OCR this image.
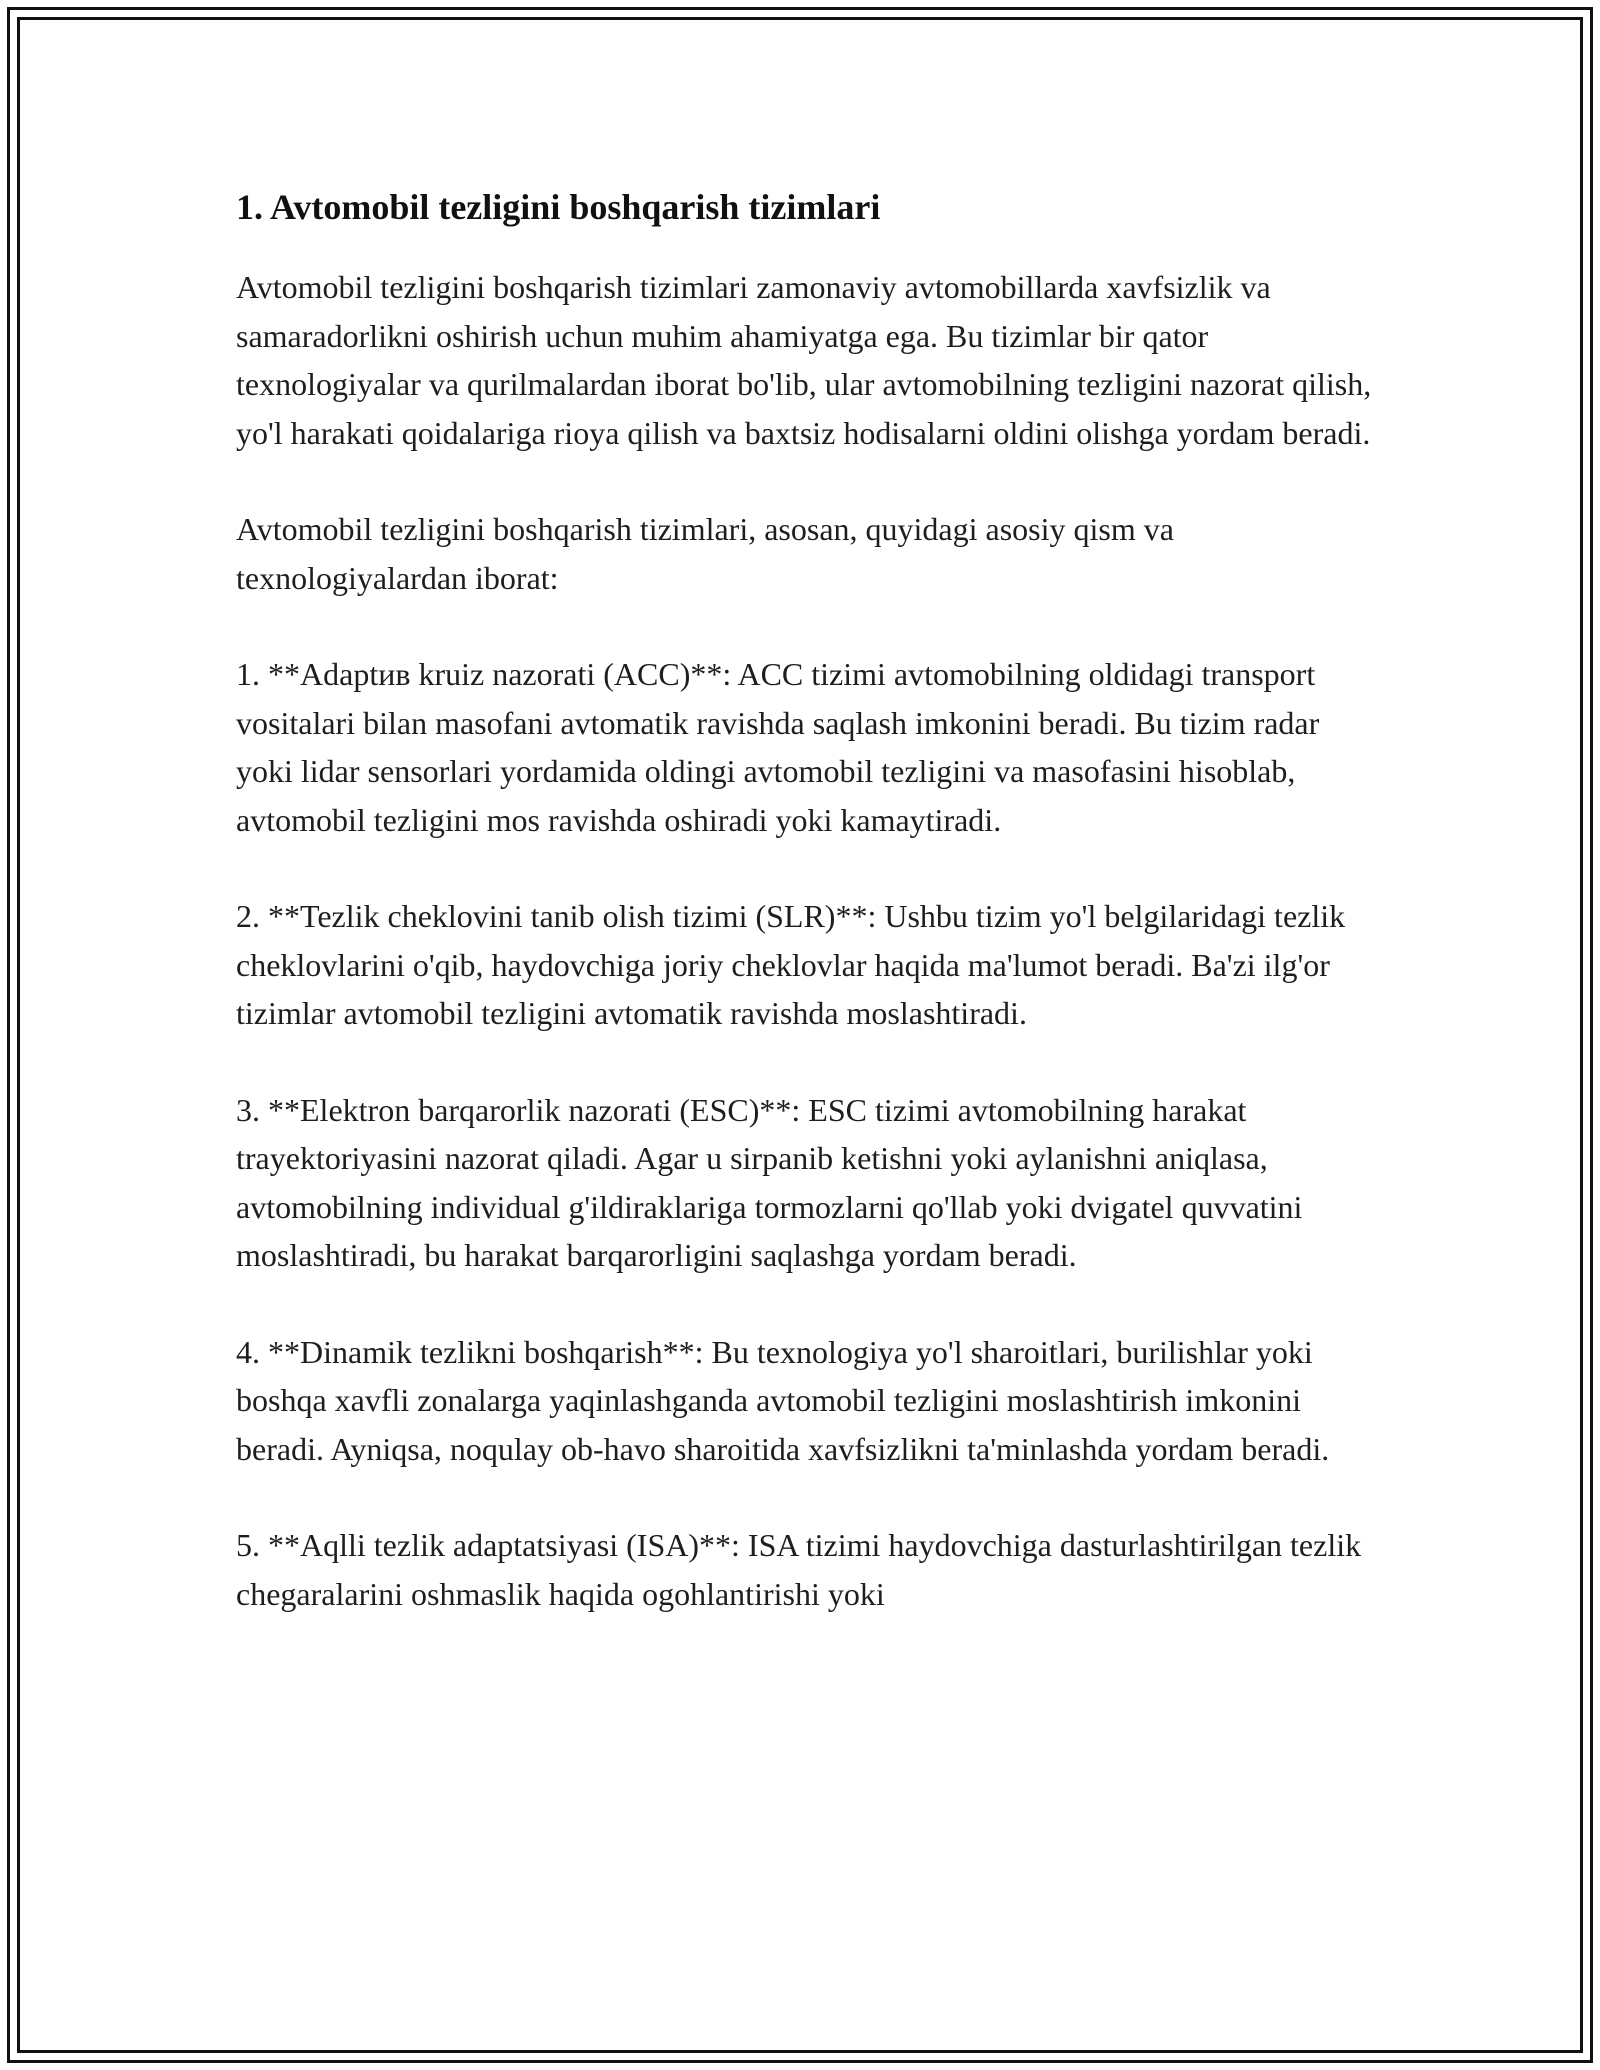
1. Avtomobil tezligini boshqarish tizimlari

Avtomobil tezligini boshqarish tizimlari zamonaviy avtomobillarda xavfsizlik va samaradorlikni oshirish uchun muhim ahamiyatga ega. Bu tizimlar bir qator texnologiyalar va qurilmalardan iborat bo'lib, ular avtomobilning tezligini nazorat qilish, yo'l harakati qoidalariga rioya qilish va baxtsiz hodisalarni oldini olishga yordam beradi.

Avtomobil tezligini boshqarish tizimlari, asosan, quyidagi asosiy qism va texnologiyalardan iborat:

1. **Adaptив kruiz nazorati (ACC)**: ACC tizimi avtomobilning oldidagi transport vositalari bilan masofani avtomatik ravishda saqlash imkonini beradi. Bu tizim radar yoki lidar sensorlari yordamida oldingi avtomobil tezligini va masofasini hisoblab, avtomobil tezligini mos ravishda oshiradi yoki kamaytiradi.

2. **Tezlik cheklovini tanib olish tizimi (SLR)**: Ushbu tizim yo'l belgilaridagi tezlik cheklovlarini o'qib, haydovchiga joriy cheklovlar haqida ma'lumot beradi. Ba'zi ilg'or tizimlar avtomobil tezligini avtomatik ravishda moslashtiradi.

3. **Elektron barqarorlik nazorati (ESC)**: ESC tizimi avtomobilning harakat trayektoriyasini nazorat qiladi. Agar u sirpanib ketishni yoki aylanishni aniqlasa, avtomobilning individual g'ildiraklariga tormozlarni qo'llab yoki dvigatel quvvatini moslashtiradi, bu harakat barqarorligini saqlashga yordam beradi.

4. **Dinamik tezlikni boshqarish**: Bu texnologiya yo'l sharoitlari, burilishlar yoki boshqa xavfli zonalarga yaqinlashganda avtomobil tezligini moslashtirish imkonini beradi. Ayniqsa, noqulay ob-havo sharoitida xavfsizlikni ta'minlashda yordam beradi.

5. **Aqlli tezlik adaptatsiyasi (ISA)**: ISA tizimi haydovchiga dasturlashtirilgan tezlik chegaralarini oshmaslik haqida ogohlantirishi yoki
